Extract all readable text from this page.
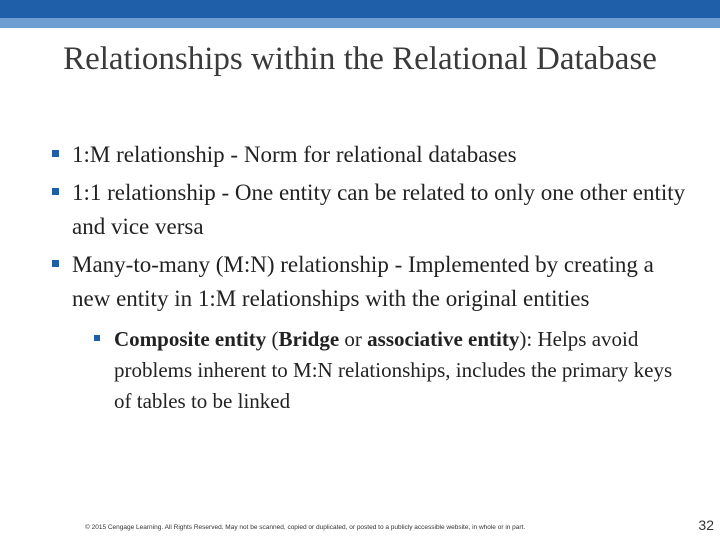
Relationships within the Relational Database
1:M relationship - Norm for relational databases
1:1 relationship - One entity can be related to only one other entity and vice versa
Many-to-many (M:N) relationship - Implemented by creating a new entity in 1:M relationships with the original entities
Composite entity (Bridge or associative entity): Helps avoid problems inherent to M:N relationships, includes the primary keys of tables to be linked
© 2015 Cengage Learning. All Rights Reserved. May not be scanned, copied or duplicated, or posted to a publicly accessible website, in whole or in part.	32
